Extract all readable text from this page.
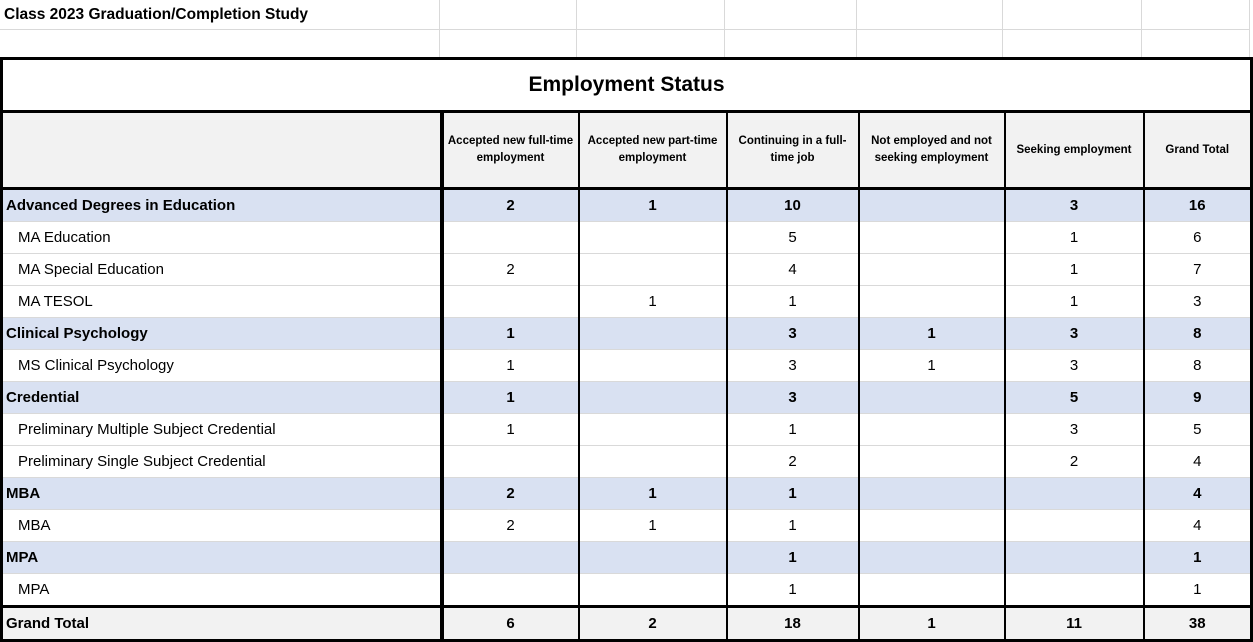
Class 2023 Graduation/Completion Study
Employment Status						
	Accepted new full-time employment	Accepted new part-time employment	Continuing in a full-time job	Not employed and not seeking employment	Seeking employment	Grand Total
Advanced Degrees in Education	2	1	10		3	16
MA Education			5		1	6
MA Special Education	2		4		1	7
MA TESOL		1	1		1	3
Clinical Psychology	1		3	1	3	8
MS Clinical Psychology	1		3	1	3	8
Credential	1		3		5	9
Preliminary Multiple Subject Credential	1		1		3	5
Preliminary Single Subject Credential			2		2	4
MBA	2	1	1			4
MBA	2	1	1			4
MPA			1			1
MPA			1			1
Grand Total	6	2	18	1	11	38
